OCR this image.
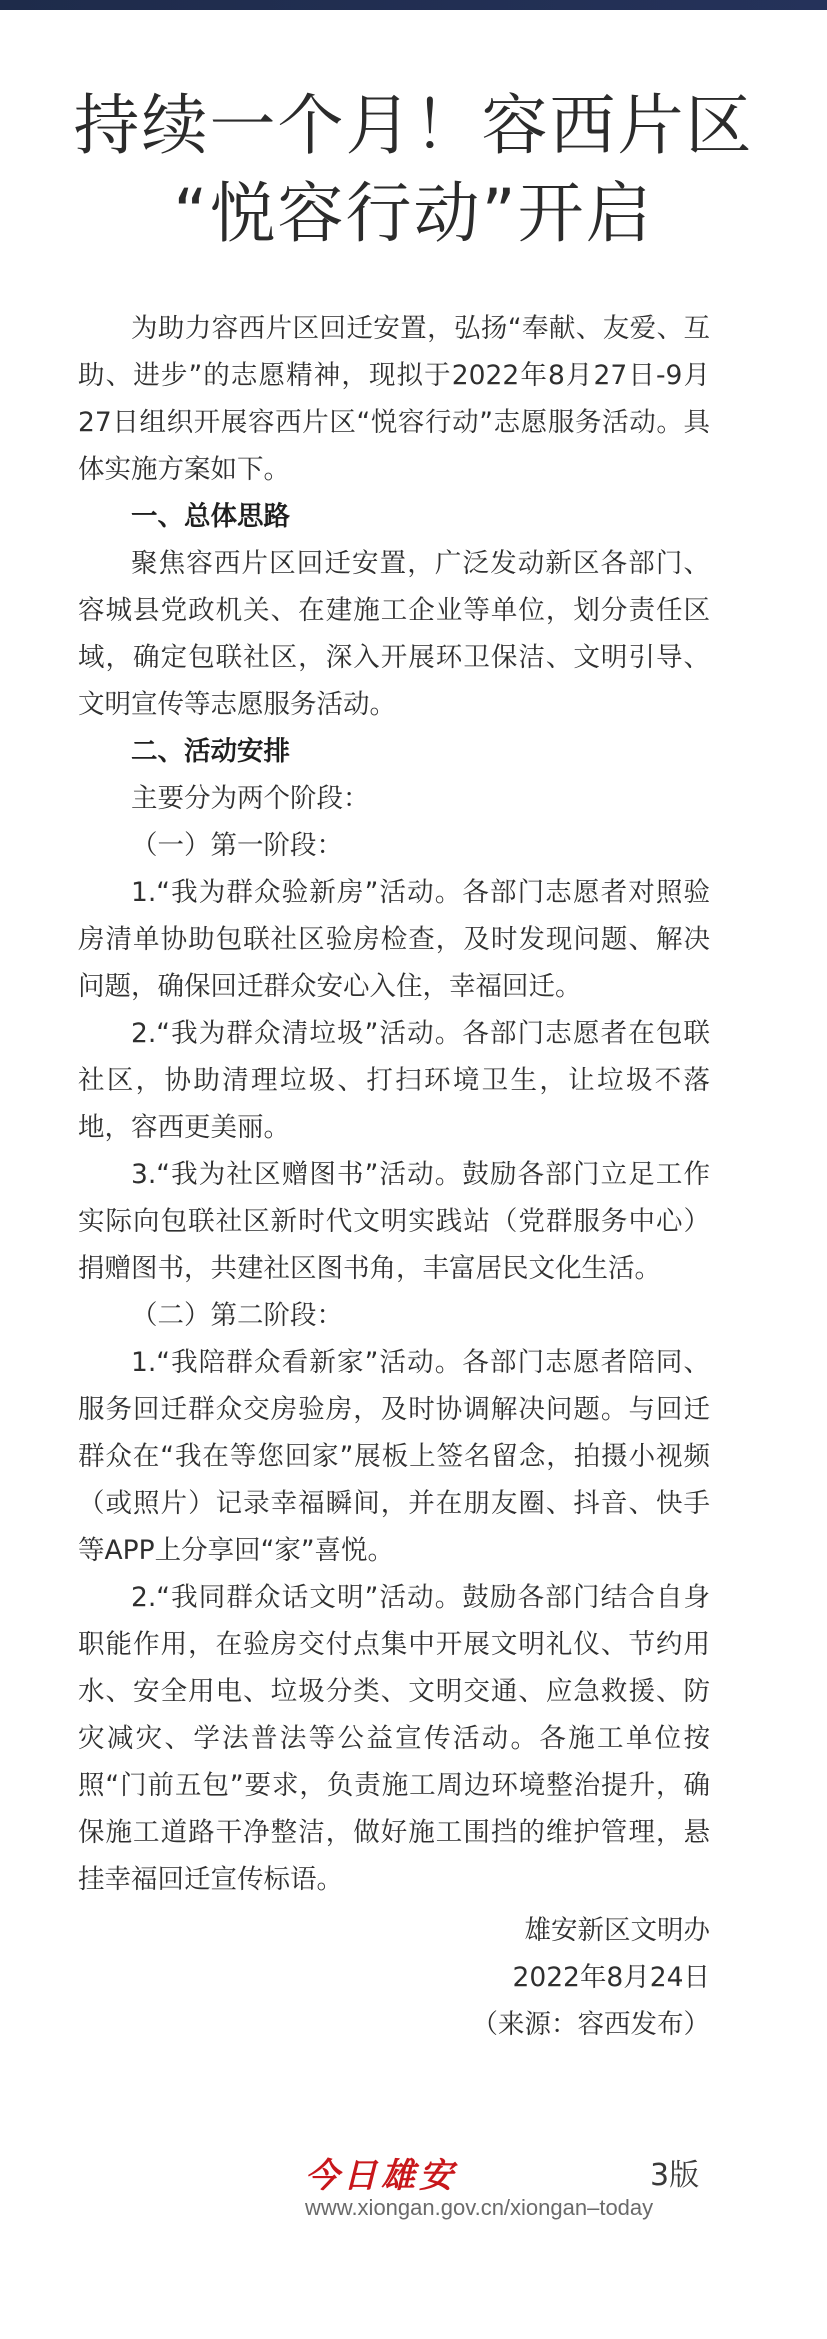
持续一个月！容西片区
“悦容行动”开启

为助力容西片区回迁安置，弘扬“奉献、友爱、互助、进步”的志愿精神，现拟于2022年8月27日-9月27日组织开展容西片区“悦容行动”志愿服务活动。具体实施方案如下。

一、总体思路

聚焦容西片区回迁安置，广泛发动新区各部门、容城县党政机关、在建施工企业等单位，划分责任区域，确定包联社区，深入开展环卫保洁、文明引导、文明宣传等志愿服务活动。

二、活动安排

主要分为两个阶段：

（一）第一阶段：

1.“我为群众验新房”活动。各部门志愿者对照验房清单协助包联社区验房检查，及时发现问题、解决问题，确保回迁群众安心入住，幸福回迁。

2.“我为群众清垃圾”活动。各部门志愿者在包联社区，协助清理垃圾、打扫环境卫生，让垃圾不落地，容西更美丽。

3.“我为社区赠图书”活动。鼓励各部门立足工作实际向包联社区新时代文明实践站（党群服务中心）捐赠图书，共建社区图书角，丰富居民文化生活。

（二）第二阶段：

1.“我陪群众看新家”活动。各部门志愿者陪同、服务回迁群众交房验房，及时协调解决问题。与回迁群众在“我在等您回家”展板上签名留念，拍摄小视频（或照片）记录幸福瞬间，并在朋友圈、抖音、快手等APP上分享回“家”喜悦。

2.“我同群众话文明”活动。鼓励各部门结合自身职能作用，在验房交付点集中开展文明礼仪、节约用水、安全用电、垃圾分类、文明交通、应急救援、防灾减灾、学法普法等公益宣传活动。各施工单位按照“门前五包”要求，负责施工周边环境整治提升，确保施工道路干净整洁，做好施工围挡的维护管理，悬挂幸福回迁宣传标语。

雄安新区文明办

2022年8月24日

（来源：容西发布）

今日雄安	3版
www.xiongan.gov.cn/xiongan–today
